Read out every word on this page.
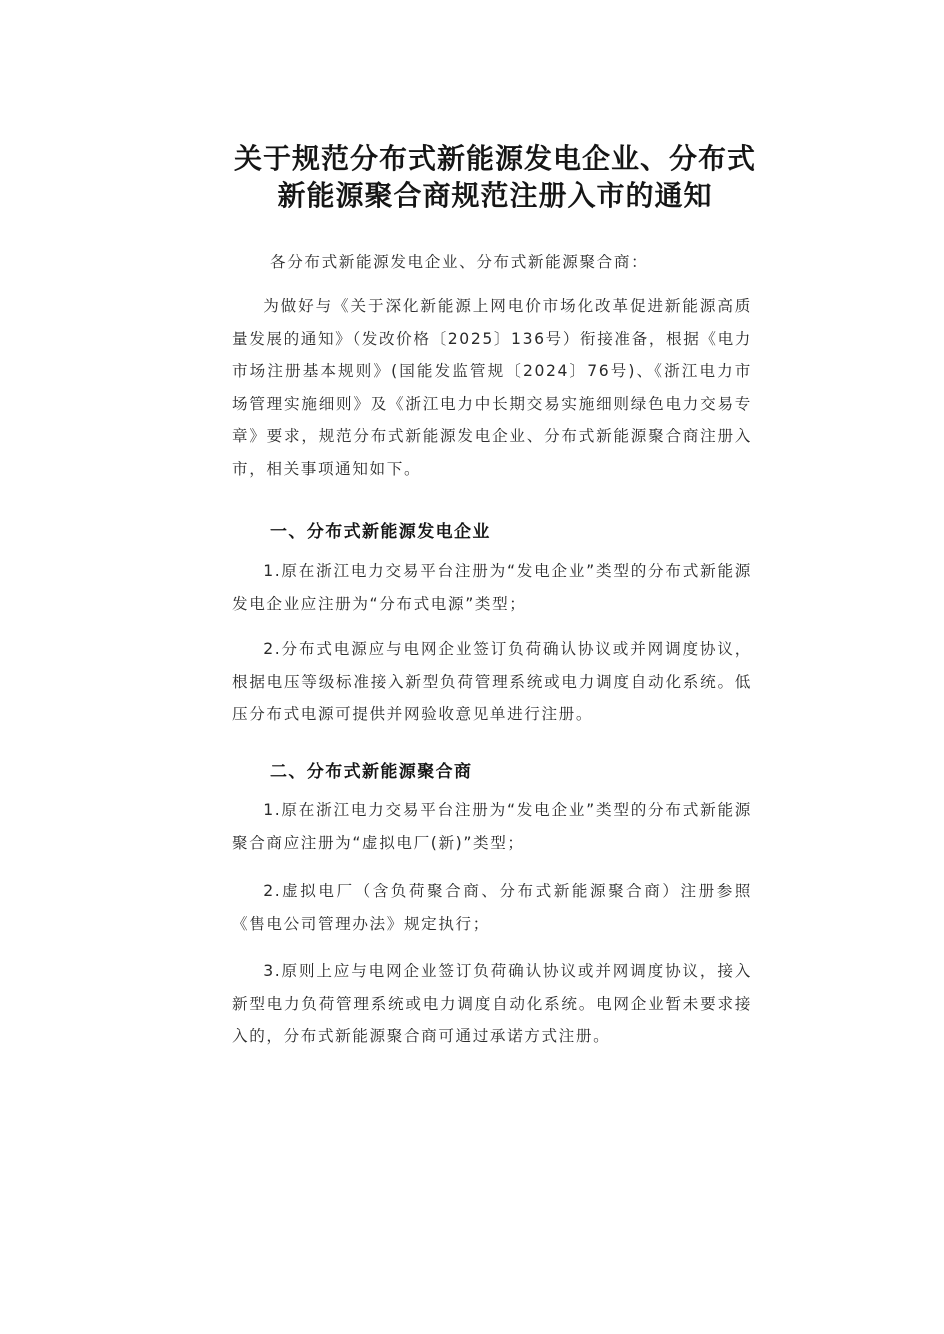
关于规范分布式新能源发电企业、分布式
新能源聚合商规范注册入市的通知
各分布式新能源发电企业、分布式新能源聚合商：

为做好与《关于深化新能源上网电价市场化改革促进新能源高质量发展的通知》（发改价格〔2025〕136号）衔接准备，根据《电力市场注册基本规则》(国能发监管规〔2024〕76号)、《浙江电力市场管理实施细则》及《浙江电力中长期交易实施细则绿色电力交易专章》要求，规范分布式新能源发电企业、分布式新能源聚合商注册入市，相关事项通知如下。

一、分布式新能源发电企业

1.原在浙江电力交易平台注册为“发电企业”类型的分布式新能源发电企业应注册为“分布式电源”类型；

2.分布式电源应与电网企业签订负荷确认协议或并网调度协议，根据电压等级标准接入新型负荷管理系统或电力调度自动化系统。低压分布式电源可提供并网验收意见单进行注册。

二、分布式新能源聚合商

1.原在浙江电力交易平台注册为“发电企业”类型的分布式新能源聚合商应注册为“虚拟电厂(新)”类型；

2.虚拟电厂（含负荷聚合商、分布式新能源聚合商）注册参照《售电公司管理办法》规定执行；

3.原则上应与电网企业签订负荷确认协议或并网调度协议，接入新型电力负荷管理系统或电力调度自动化系统。电网企业暂未要求接入的，分布式新能源聚合商可通过承诺方式注册。
